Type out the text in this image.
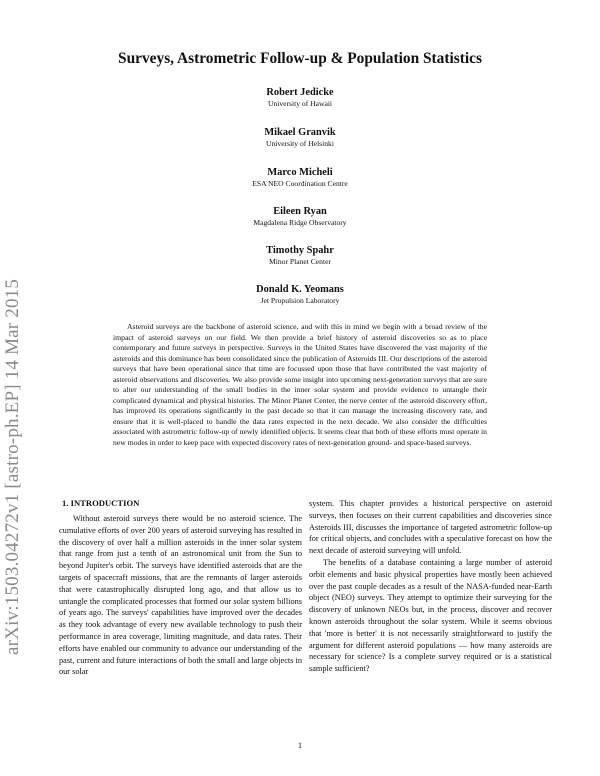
arXiv:1503.04272v1 [astro-ph.EP] 14 Mar 2015
Surveys, Astrometric Follow-up & Population Statistics
Robert Jedicke
University of Hawaii
Mikael Granvik
University of Helsinki
Marco Micheli
ESA NEO Coordination Centre
Eileen Ryan
Magdalena Ridge Observatory
Timothy Spahr
Minor Planet Center
Donald K. Yeomans
Jet Propulsion Laboratory

Asteroid surveys are the backbone of asteroid science, and with this in mind we begin with a broad review of the impact of asteroid surveys on our field. We then provide a brief history of asteroid discoveries so as to place contemporary and future surveys in perspective. Surveys in the United States have discovered the vast majority of the asteroids and this dominance has been consolidated since the publication of Asteroids III. Our descriptions of the asteroid surveys that have been operational since that time are focussed upon those that have contributed the vast majority of asteroid observations and discoveries. We also provide some insight into upcoming next-generation surveys that are sure to alter our understanding of the small bodies in the inner solar system and provide evidence to untangle their complicated dynamical and physical histories. The Minor Planet Center, the nerve center of the asteroid discovery effort, has improved its operations significantly in the past decade so that it can manage the increasing discovery rate, and ensure that it is well-placed to handle the data rates expected in the next decade. We also consider the difficulties associated with astrometric follow-up of newly identified objects. It seems clear that both of these efforts must operate in new modes in order to keep pace with expected discovery rates of next-generation ground- and space-based surveys.

1. INTRODUCTION

Without asteroid surveys there would be no asteroid science. The cumulative efforts of over 200 years of asteroid surveying has resulted in the discovery of over half a million asteroids in the inner solar system that range from just a tenth of an astronomical unit from the Sun to beyond Jupiter's orbit. The surveys have identified asteroids that are the targets of spacecraft missions, that are the remnants of larger asteroids that were catastrophically disrupted long ago, and that allow us to untangle the complicated processes that formed our solar system billions of years ago. The surveys' capabilities have improved over the decades as they took advantage of every new available technology to push their performance in area coverage, limiting magnitude, and data rates. Their efforts have enabled our community to advance our understanding of the past, current and future interactions of both the small and large objects in our solar

system. This chapter provides a historical perspective on asteroid surveys, then focuses on their current capabilities and discoveries since Asteroids III, discusses the importance of targeted astrometric follow-up for critical objects, and concludes with a speculative forecast on how the next decade of asteroid surveying will unfold.

The benefits of a database containing a large number of asteroid orbit elements and basic physical properties have mostly been achieved over the past couple decades as a result of the NASA-funded near-Earth object (NEO) surveys. They attempt to optimize their surveying for the discovery of unknown NEOs but, in the process, discover and recover known asteroids throughout the solar system. While it seems obvious that 'more is better' it is not necessarily straightforward to justify the argument for different asteroid populations — how many asteroids are necessary for science? Is a complete survey required or is a statistical sample sufficient?

1
